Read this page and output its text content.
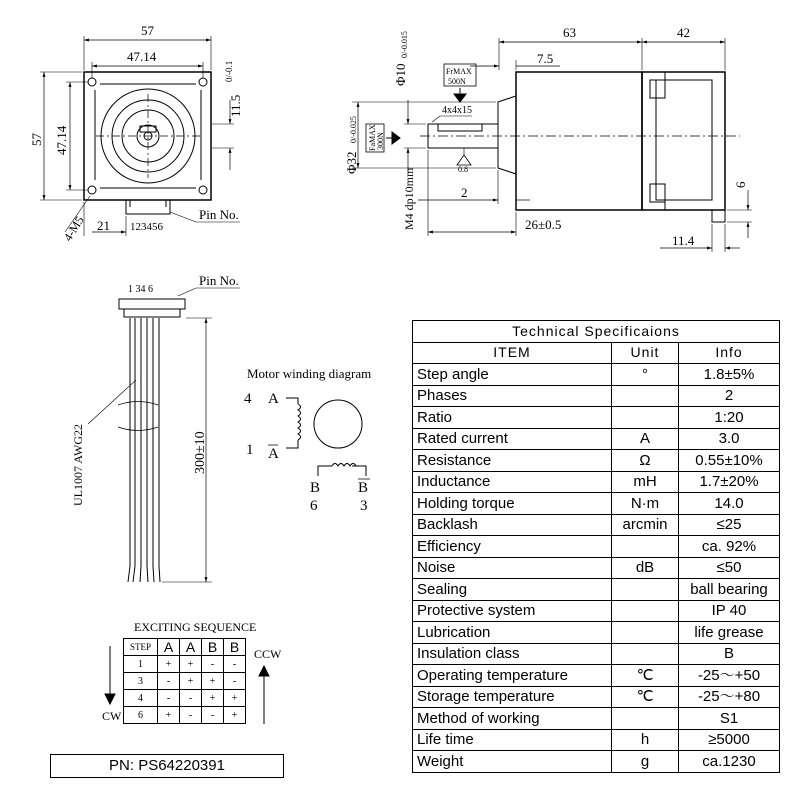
57
47.14
57 47.14
4-M5 21 123456
Pin No.
11.5
0/-0.1
63	42
7.5
Φ10
0/-0.015
Φ32
0/-0.025
4x4x15
0.8
M4 dp10mm	2
26±0.5
6
11.4
FrMAX
500N
FaMAX 300N
1 34 6
Pin No.
UL1007 AWG22	300±10
Motor winding diagram
4 A
1 A
B
6
B
3
EXCITING SEQUENCE
CCW
CW
STEP	A	$\overline{A}$	B	$\overline{B}$
1	+	+	-	-
3	-	+	+	-
4	-	-	+	+
6	+	-	-	+
PN: PS64220391
Technical Specificaions		
ITEM	Unit	Info
Step angle	°	1.8±5%
Phases		2
Ratio		1:20
Rated current	A	3.0
Resistance	Ω	0.55±10%
Inductance	mH	1.7±20%
Holding torque	N·m	14.0
Backlash	arcmin	≤25
Efficiency		ca. 92%
Noise	dB	≤50
Sealing		ball bearing
Protective system		IP 40
Lubrication		life grease
Insulation class		B
Operating temperature	℃	-25～+50
Storage temperature	℃	-25～+80
Method of working		S1
Life time	h	≥5000
Weight	g	ca.1230
